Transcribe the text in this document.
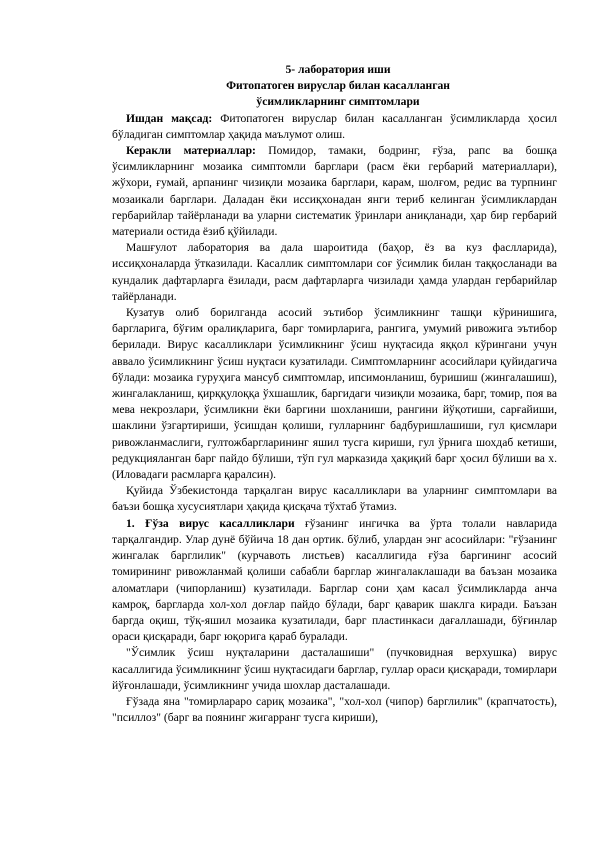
5- лаборатория иши

Фитопатоген вируслар билан касалланган

ўсимликларнинг симптомлари

Ишдан мақсад: Фитопатоген вируслар билан касалланган ўсимликларда ҳосил бўладиган симптомлар ҳақида маълумот олиш.

Керакли материаллар: Помидор, тамаки, бодринг, ғўза, рапс ва бошқа ўсимликларнинг мозаика симптомли барглари (расм ёки гербарий материаллари), жўхори, ғумай, арпанинг чизиқли мозаика барглари, карам, шолғом, редис ва турпнинг мозаикали барглари. Даладан ёки иссиқхонадан янги териб келинган ўсимликлардан гербарийлар тайёрланади ва уларни систематик ўринлари аниқланади, ҳар бир гербарий материали остида ёзиб қўйилади.

Машғулот лаборатория ва дала шароитида (баҳор, ёз ва куз фаслларида), иссиқхоналарда ўтказилади. Касаллик симптомлари соғ ўсимлик билан таққосланади ва кундалик дафтарларга ёзилади, расм дафтарларга чизилади ҳамда улардан гербарийлар тайёрланади.

Кузатув олиб борилганда асосий эътибор ўсимликнинг ташқи кўринишига, баргларига, бўғим оралиқларига, барг томирларига, рангига, умумий ривожига эътибор берилади. Вирус касалликлари ўсимликнинг ўсиш нуқтасида яққол кўрингани учун аввало ўсимликнинг ўсиш нуқтаси кузатилади. Симптомларнинг асосийлари қуйидагича бўлади: мозаика гуруҳига мансуб симптомлар, ипсимонланиш, буришиш (жингалашиш), жингалакланиш, қирққулоққа ўхшашлик, баргидаги чизиқли мозаика, барг, томир, поя ва мева некрозлари, ўсимликни ёки баргини шохланиши, рангини йўқотиши, сарғайиши, шаклини ўзгартириши, ўсишдан қолиши, гулларнинг бадбуришлашиши, гул қисмлари ривожланмаслиги, гултожбаргларининг яшил тусга кириши, гул ўрнига шохдаб кетиши, редукцияланган барг пайдо бўлиши, тўп гул марказида ҳақиқий барг ҳосил бўлиши ва х. (Иловадаги расмларга қаралсин).

Қуйида Ўзбекистонда тарқалган вирус касалликлари ва уларнинг симптомлари ва баъзи бошқа хусусиятлари ҳақида қисқача тўхтаб ўтамиз.

1. Ғўза вирус касалликлари ғўзанинг ингичка ва ўрта толали навларида тарқалгандир. Улар дунё бўйича 18 дан ортик. бўлиб, улардан энг асосийлари: "ғўзанинг жингалак барглилик" (курчавоть листьев) касаллигида ғўза баргининг асосий томирининг ривожланмай қолиши сабабли барглар жингалаклашади ва баъзан мозаика аломатлари (чипорланиш) кузатилади. Барглар сони ҳам касал ўсимликларда анча камроқ, баргларда хол-хол доғлар пайдо бўлади, барг қаварик шаклга киради. Баъзан баргда оқиш, тўқ-яшил мозаика кузатилади, барг пластинкаси дағаллашади, бўғинлар ораси қисқаради, барг юқорига қараб буралади.

"Ўсимлик ўсиш нуқталарини дасталашиши" (пучковидная верхушка) вирус касаллигида ўсимликнинг ўсиш нуқтасидаги барглар, гуллар ораси қисқаради, томирлари йўғонлашади, ўсимликнинг учида шохлар дасталашади.

Ғўзада яна "томирлараро сариқ мозаика", "хол-хол (чипор) барглилик" (крапчатость), "псиллоз" (барг ва поянинг жигарранг тусга кириши),
